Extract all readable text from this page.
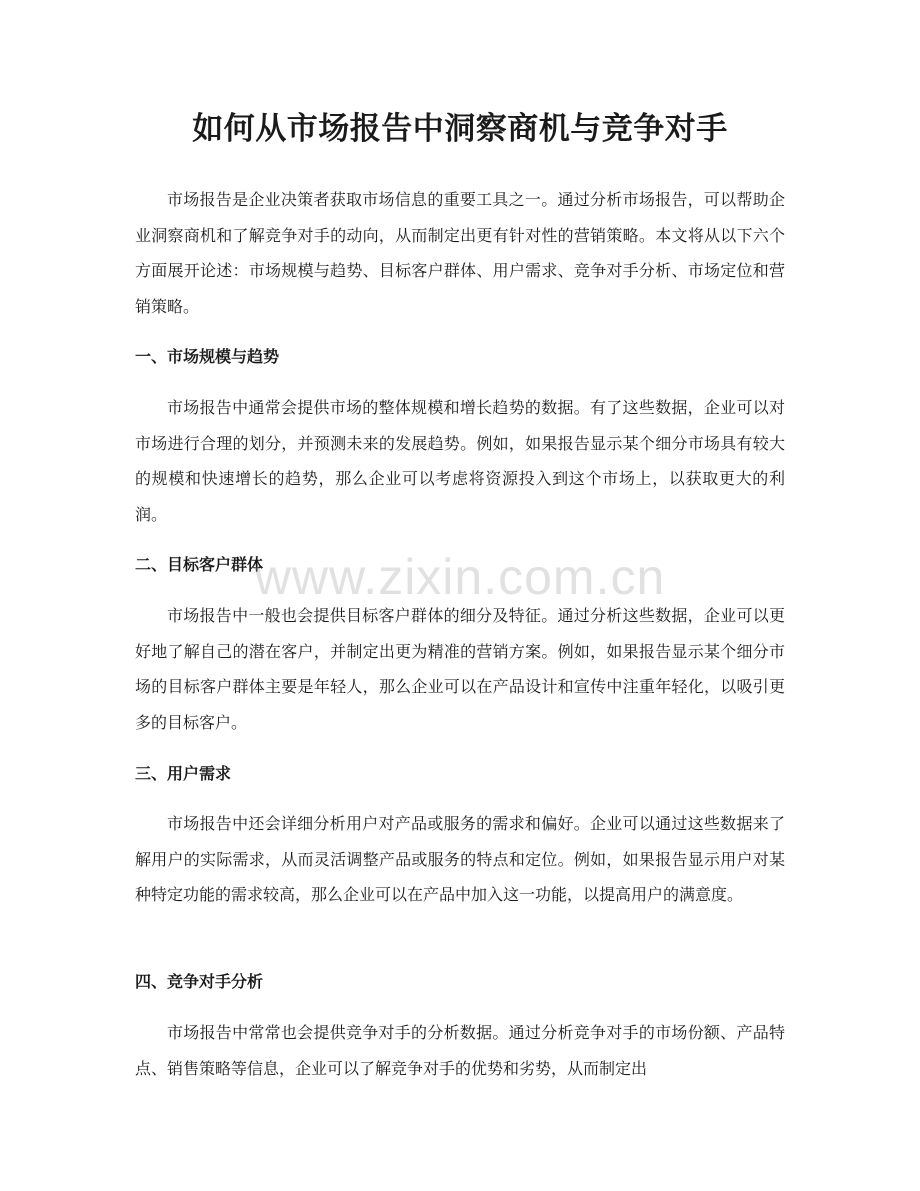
如何从市场报告中洞察商机与竞争对手

市场报告是企业决策者获取市场信息的重要工具之一。通过分析市场报告，可以帮助企业洞察商机和了解竞争对手的动向，从而制定出更有针对性的营销策略。本文将从以下六个方面展开论述：市场规模与趋势、目标客户群体、用户需求、竞争对手分析、市场定位和营销策略。

一、市场规模与趋势

市场报告中通常会提供市场的整体规模和增长趋势的数据。有了这些数据，企业可以对市场进行合理的划分，并预测未来的发展趋势。例如，如果报告显示某个细分市场具有较大的规模和快速增长的趋势，那么企业可以考虑将资源投入到这个市场上，以获取更大的利润。

二、目标客户群体

市场报告中一般也会提供目标客户群体的细分及特征。通过分析这些数据，企业可以更好地了解自己的潜在客户，并制定出更为精准的营销方案。例如，如果报告显示某个细分市场的目标客户群体主要是年轻人，那么企业可以在产品设计和宣传中注重年轻化，以吸引更多的目标客户。

三、用户需求

市场报告中还会详细分析用户对产品或服务的需求和偏好。企业可以通过这些数据来了解用户的实际需求，从而灵活调整产品或服务的特点和定位。例如，如果报告显示用户对某种特定功能的需求较高，那么企业可以在产品中加入这一功能，以提高用户的满意度。

四、竞争对手分析

市场报告中常常也会提供竞争对手的分析数据。通过分析竞争对手的市场份额、产品特点、销售策略等信息，企业可以了解竞争对手的优势和劣势，从而制定出

www.zixin.com.cn
